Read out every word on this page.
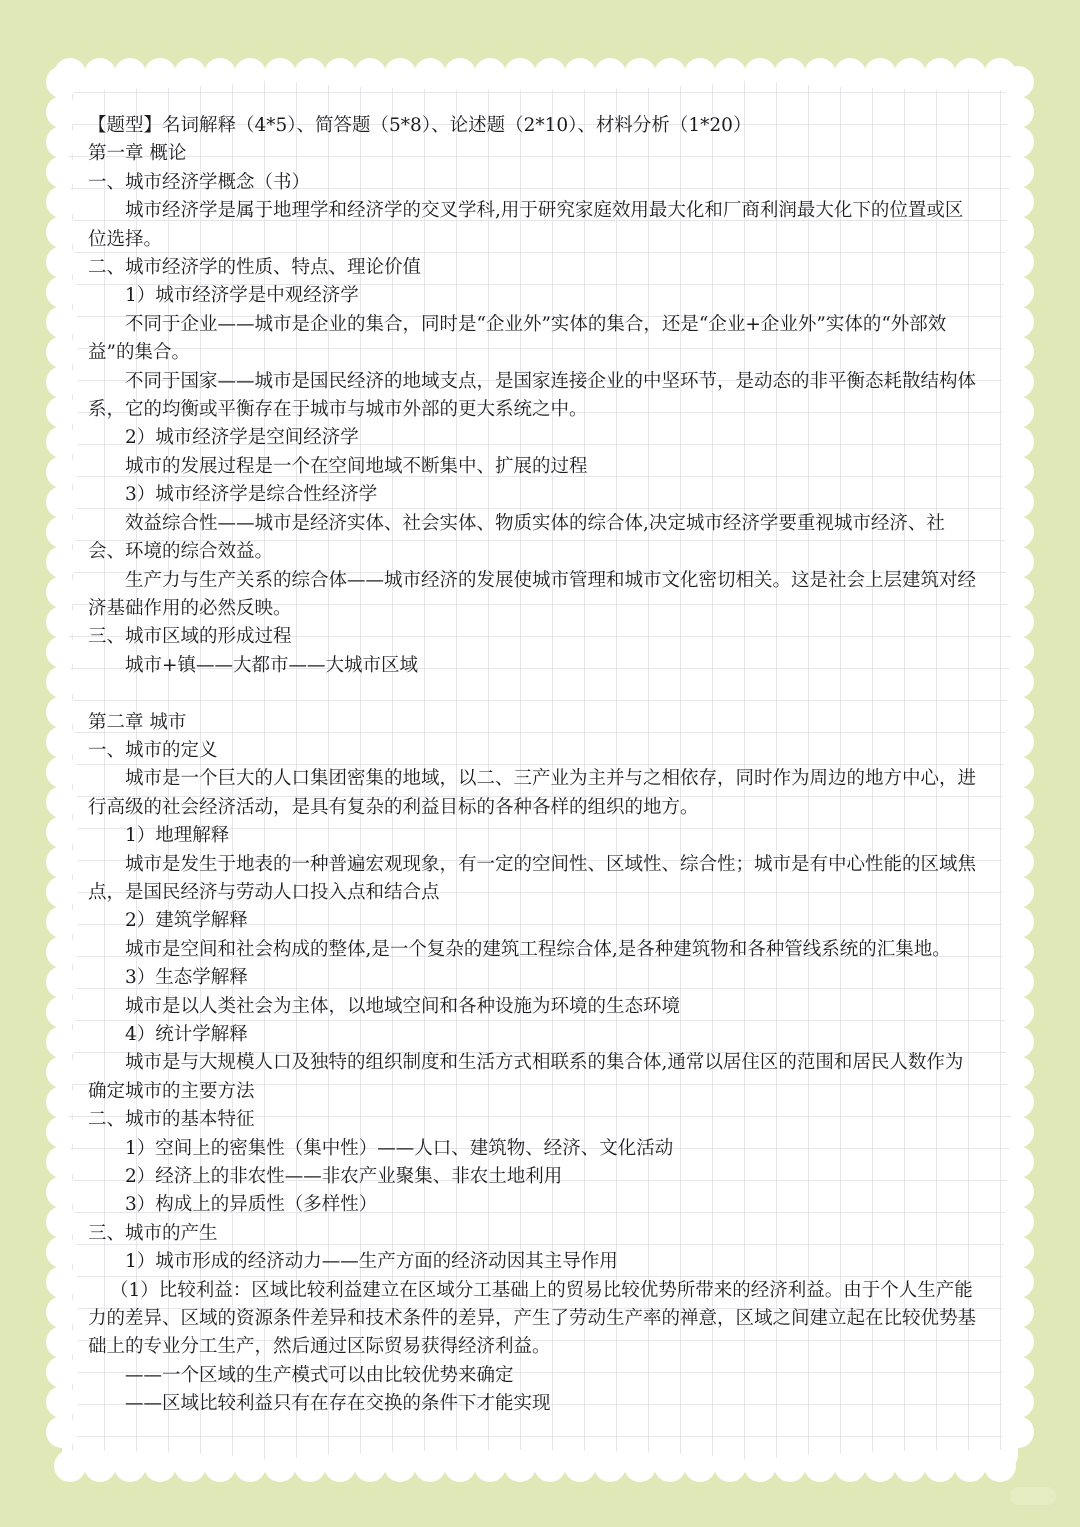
【题型】名词解释（4*5）、简答题（5*8）、论述题（2*10）、材料分析（1*20）

第一章 概论

一、城市经济学概念（书）

城市经济学是属于地理学和经济学的交叉学科,用于研究家庭效用最大化和厂商利润最大化下的位置或区位选择。

二、城市经济学的性质、特点、理论价值

1）城市经济学是中观经济学

不同于企业——城市是企业的集合，同时是“企业外”实体的集合，还是“企业+企业外”实体的“外部效益”的集合。

不同于国家——城市是国民经济的地域支点，是国家连接企业的中坚环节，是动态的非平衡态耗散结构体系，它的均衡或平衡存在于城市与城市外部的更大系统之中。

2）城市经济学是空间经济学

城市的发展过程是一个在空间地域不断集中、扩展的过程

3）城市经济学是综合性经济学

效益综合性——城市是经济实体、社会实体、物质实体的综合体,决定城市经济学要重视城市经济、社会、环境的综合效益。

生产力与生产关系的综合体——城市经济的发展使城市管理和城市文化密切相关。这是社会上层建筑对经济基础作用的必然反映。

三、城市区域的形成过程

城市+镇——大都市——大城市区域

第二章 城市

一、城市的定义

城市是一个巨大的人口集团密集的地域，以二、三产业为主并与之相依存，同时作为周边的地方中心，进行高级的社会经济活动，是具有复杂的利益目标的各种各样的组织的地方。

1）地理解释

城市是发生于地表的一种普遍宏观现象，有一定的空间性、区域性、综合性；城市是有中心性能的区域焦点，是国民经济与劳动人口投入点和结合点

2）建筑学解释

城市是空间和社会构成的整体,是一个复杂的建筑工程综合体,是各种建筑物和各种管线系统的汇集地。

3）生态学解释

城市是以人类社会为主体，以地域空间和各种设施为环境的生态环境

4）统计学解释

城市是与大规模人口及独特的组织制度和生活方式相联系的集合体,通常以居住区的范围和居民人数作为确定城市的主要方法

二、城市的基本特征

1）空间上的密集性（集中性）——人口、建筑物、经济、文化活动

2）经济上的非农性——非农产业聚集、非农土地利用

3）构成上的异质性（多样性）

三、城市的产生

1）城市形成的经济动力——生产方面的经济动因其主导作用

（1）比较利益：区域比较利益建立在区域分工基础上的贸易比较优势所带来的经济利益。由于个人生产能力的差异、区域的资源条件差异和技术条件的差异，产生了劳动生产率的禅意，区域之间建立起在比较优势基础上的专业分工生产，然后通过区际贸易获得经济利益。

——一个区域的生产模式可以由比较优势来确定

——区域比较利益只有在存在交换的条件下才能实现
